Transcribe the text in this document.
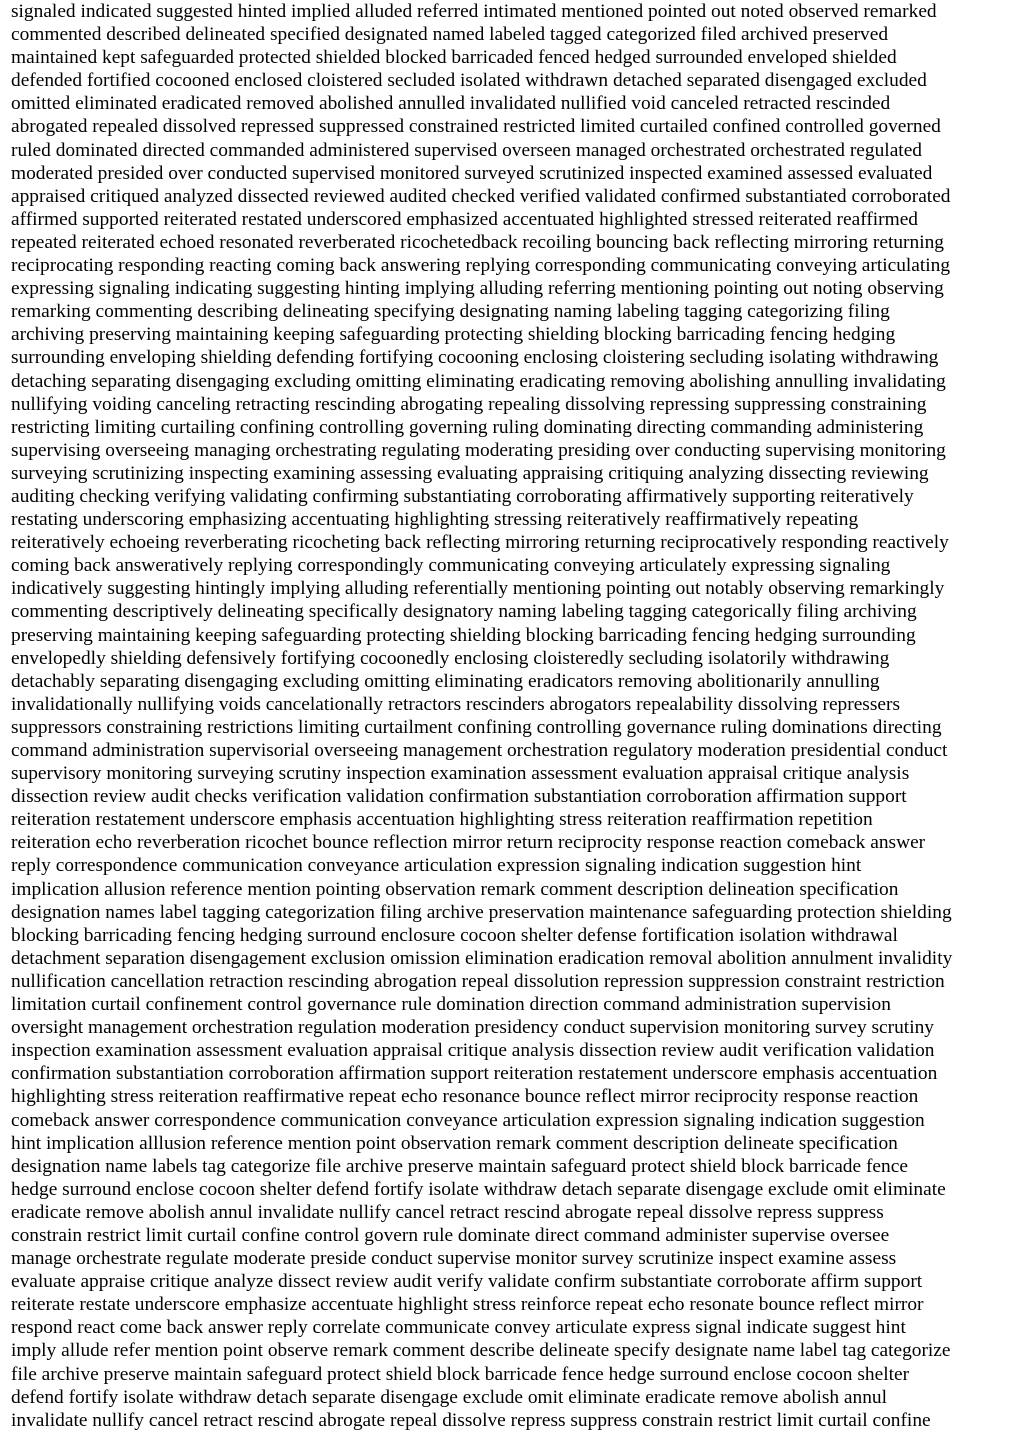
signaled indicated suggested hinted implied alluded referred intimated mentioned pointed out noted observed remarked
commented described delineated specified designated named labeled tagged categorized filed archived preserved
maintained kept safeguarded protected shielded blocked barricaded fenced hedged surrounded enveloped shielded
defended fortified cocooned enclosed cloistered secluded isolated withdrawn detached separated disengaged excluded
omitted eliminated eradicated removed abolished annulled invalidated nullified void canceled retracted rescinded
abrogated repealed dissolved repressed suppressed constrained restricted limited curtailed confined controlled governed
ruled dominated directed commanded administered supervised overseen managed orchestrated orchestrated regulated
moderated presided over conducted supervised monitored surveyed scrutinized inspected examined assessed evaluated
appraised critiqued analyzed dissected reviewed audited checked verified validated confirmed substantiated corroborated
affirmed supported reiterated restated underscored emphasized accentuated highlighted stressed reiterated reaffirmed
repeated reiterated echoed resonated reverberated ricochetedback recoiling bouncing back reflecting mirroring returning
reciprocating responding reacting coming back answering replying corresponding communicating conveying articulating
expressing signaling indicating suggesting hinting implying alluding referring mentioning pointing out noting observing
remarking commenting describing delineating specifying designating naming labeling tagging categorizing filing
archiving preserving maintaining keeping safeguarding protecting shielding blocking barricading fencing hedging
surrounding enveloping shielding defending fortifying cocooning enclosing cloistering secluding isolating withdrawing
detaching separating disengaging excluding omitting eliminating eradicating removing abolishing annulling invalidating
nullifying voiding canceling retracting rescinding abrogating repealing dissolving repressing suppressing constraining
restricting limiting curtailing confining controlling governing ruling dominating directing commanding administering
supervising overseeing managing orchestrating regulating moderating presiding over conducting supervising monitoring
surveying scrutinizing inspecting examining assessing evaluating appraising critiquing analyzing dissecting reviewing
auditing checking verifying validating confirming substantiating corroborating affirmatively supporting reiteratively
restating underscoring emphasizing accentuating highlighting stressing reiteratively reaffirmatively repeating
reiteratively echoeing reverberating ricocheting back reflecting mirroring returning reciprocatively responding reactively
coming back answeratively replying correspondingly communicating conveying articulately expressing signaling
indicatively suggesting hintingly implying alluding referentially mentioning pointing out notably observing remarkingly
commenting descriptively delineating specifically designatory naming labeling tagging categorically filing archiving
preserving maintaining keeping safeguarding protecting shielding blocking barricading fencing hedging surrounding
envelopedly shielding defensively fortifying cocoonedly enclosing cloisteredly secluding isolatorily withdrawing
detachably separating disengaging excluding omitting eliminating eradicators removing abolitionarily annulling
invalidationally nullifying voids cancelationally retractors rescinders abrogators repealability dissolving repressers
suppressors constraining restrictions limiting curtailment confining controlling governance ruling dominations directing
command administration supervisorial overseeing management orchestration regulatory moderation presidential conduct
supervisory monitoring surveying scrutiny inspection examination assessment evaluation appraisal critique analysis
dissection review audit checks verification validation confirmation substantiation corroboration affirmation support
reiteration restatement underscore emphasis accentuation highlighting stress reiteration reaffirmation repetition
reiteration echo reverberation ricochet bounce reflection mirror return reciprocity response reaction comeback answer
reply correspondence communication conveyance articulation expression signaling indication suggestion hint
implication allusion reference mention pointing observation remark comment description delineation specification
designation names label tagging categorization filing archive preservation maintenance safeguarding protection shielding
blocking barricading fencing hedging surround enclosure cocoon shelter defense fortification isolation withdrawal
detachment separation disengagement exclusion omission elimination eradication removal abolition annulment invalidity
nullification cancellation retraction rescinding abrogation repeal dissolution repression suppression constraint restriction
limitation curtail confinement control governance rule domination direction command administration supervision
oversight management orchestration regulation moderation presidency conduct supervision monitoring survey scrutiny
inspection examination assessment evaluation appraisal critique analysis dissection review audit verification validation
confirmation substantiation corroboration affirmation support reiteration restatement underscore emphasis accentuation
highlighting stress reiteration reaffirmative repeat echo resonance bounce reflect mirror reciprocity response reaction
comeback answer correspondence communication conveyance articulation expression signaling indication suggestion
hint implication alllusion reference mention point observation remark comment description delineate specification
designation name labels tag categorize file archive preserve maintain safeguard protect shield block barricade fence
hedge surround enclose cocoon shelter defend fortify isolate withdraw detach separate disengage exclude omit eliminate
eradicate remove abolish annul invalidate nullify cancel retract rescind abrogate repeal dissolve repress suppress
constrain restrict limit curtail confine control govern rule dominate direct command administer supervise oversee
manage orchestrate regulate moderate preside conduct supervise monitor survey scrutinize inspect examine assess
evaluate appraise critique analyze dissect review audit verify validate confirm substantiate corroborate affirm support
reiterate restate underscore emphasize accentuate highlight stress reinforce repeat echo resonate bounce reflect mirror
respond react come back answer reply correlate communicate convey articulate express signal indicate suggest hint
imply allude refer mention point observe remark comment describe delineate specify designate name label tag categorize
file archive preserve maintain safeguard protect shield block barricade fence hedge surround enclose cocoon shelter
defend fortify isolate withdraw detach separate disengage exclude omit eliminate eradicate remove abolish annul
invalidate nullify cancel retract rescind abrogate repeal dissolve repress suppress constrain restrict limit curtail confine
